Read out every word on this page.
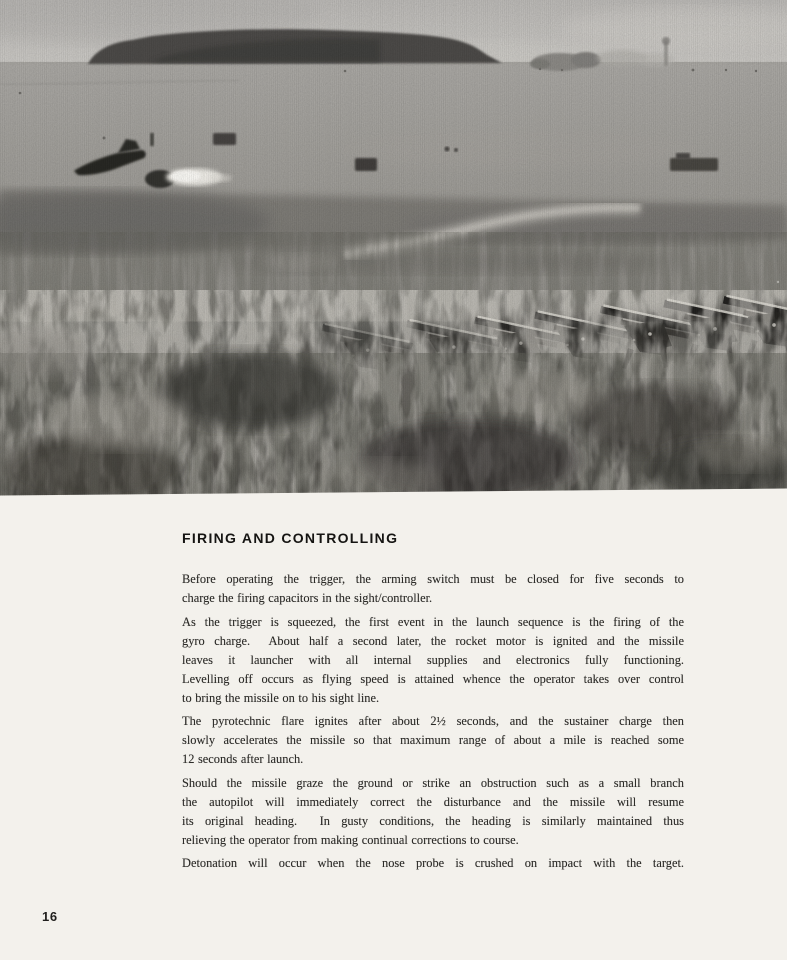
FIRING AND CONTROLLING
Before operating the trigger, the arming switch must be closed for five seconds to
charge the firing capacitors in the sight/controller.
As the trigger is squeezed, the first event in the launch sequence is the firing of the
gyro charge.  About half a second later, the rocket motor is ignited and the missile
leaves it launcher with all internal supplies and electronics fully functioning.
Levelling off occurs as flying speed is attained whence the operator takes over control
to bring the missile on to his sight line.
The pyrotechnic flare ignites after about 2½ seconds, and the sustainer charge then
slowly accelerates the missile so that maximum range of about a mile is reached some
12 seconds after launch.
Should the missile graze the ground or strike an obstruction such as a small branch
the autopilot will immediately correct the disturbance and the missile will resume
its original heading.  In gusty conditions, the heading is similarly maintained thus
relieving the operator from making continual corrections to course.
Detonation will occur when the nose probe is crushed on impact with the target.
16
